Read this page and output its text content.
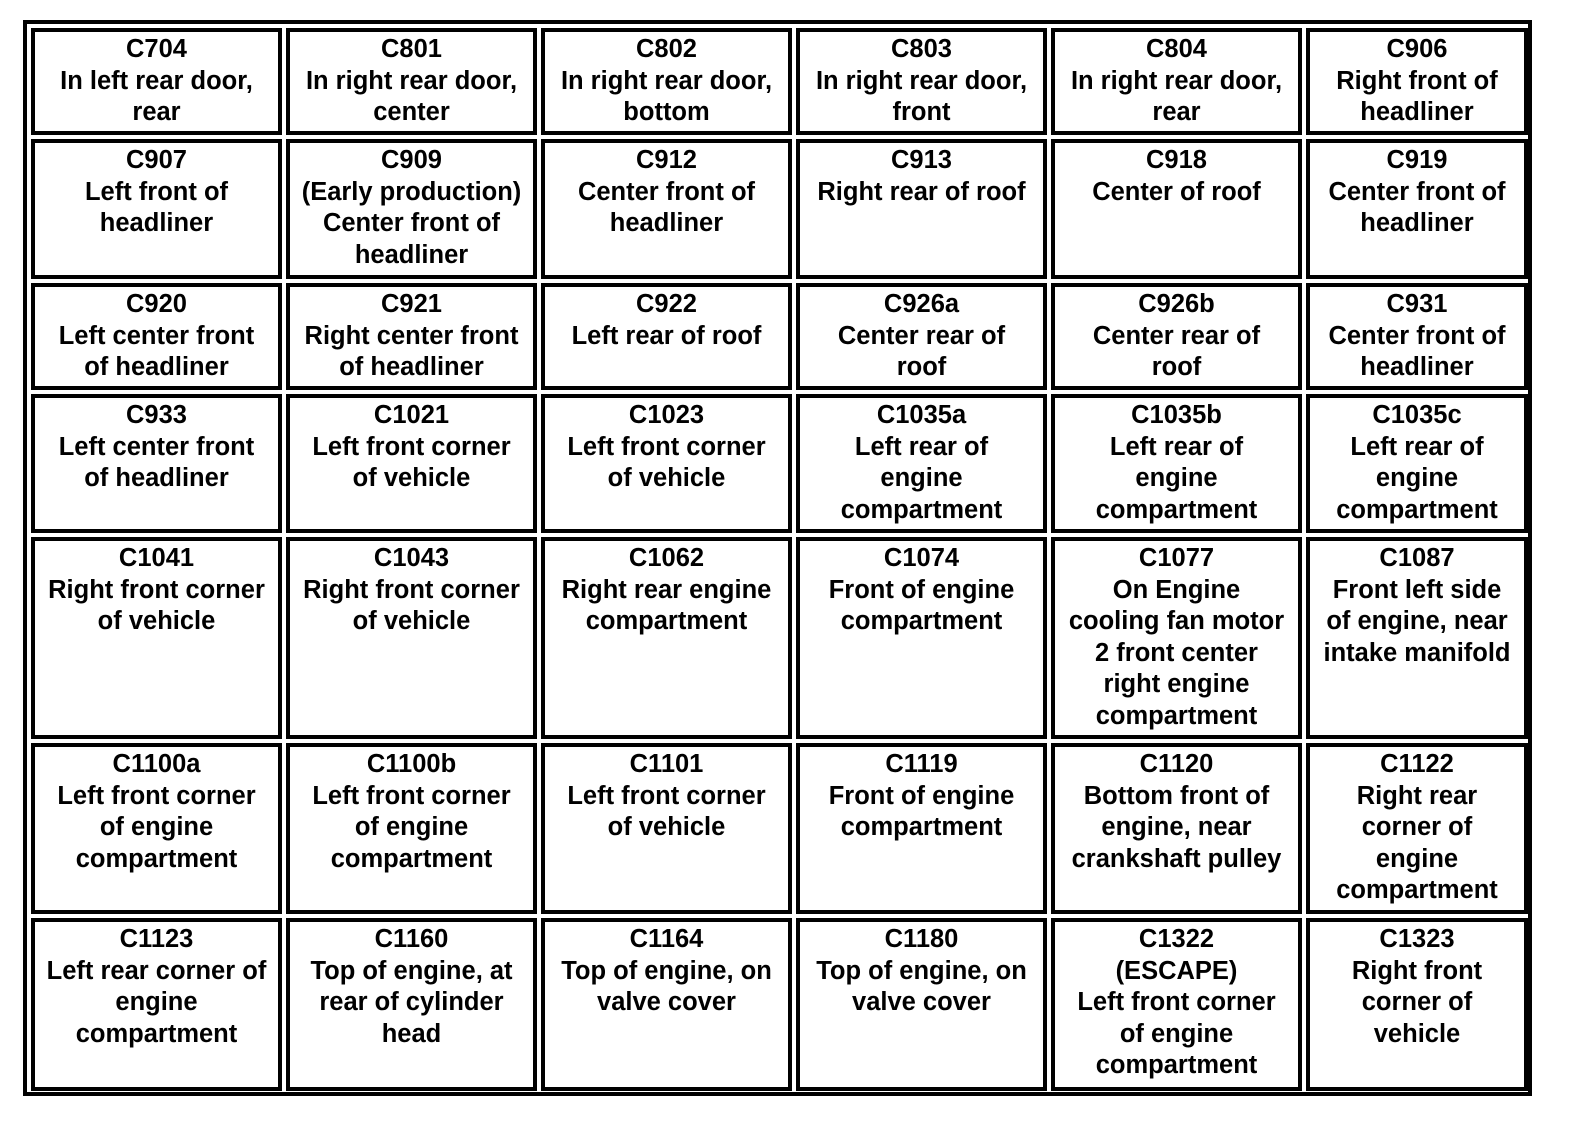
C704
In left rear door,
rear
C801
In right rear door,
center
C802
In right rear door,
bottom
C803
In right rear door,
front
C804
In right rear door,
rear
C906
Right front of
headliner
C907
Left front of
headliner
C909
(Early production)
Center front of
headliner
C912
Center front of
headliner
C913
Right rear of roof
C918
Center of roof
C919
Center front of
headliner
C920
Left center front
of headliner
C921
Right center front
of headliner
C922
Left rear of roof
C926a
Center rear of
roof
C926b
Center rear of
roof
C931
Center front of
headliner
C933
Left center front
of headliner
C1021
Left front corner
of vehicle
C1023
Left front corner
of vehicle
C1035a
Left rear of
engine
compartment
C1035b
Left rear of
engine
compartment
C1035c
Left rear of
engine
compartment
C1041
Right front corner
of vehicle
C1043
Right front corner
of vehicle
C1062
Right rear engine
compartment
C1074
Front of engine
compartment
C1077
On Engine
cooling fan motor
2 front center
right engine
compartment
C1087
Front left side
of engine, near
intake manifold
C1100a
Left front corner
of engine
compartment
C1100b
Left front corner
of engine
compartment
C1101
Left front corner
of vehicle
C1119
Front of engine
compartment
C1120
Bottom front of
engine, near
crankshaft pulley
C1122
Right rear
corner of
engine
compartment
C1123
Left rear corner of
engine
compartment
C1160
Top of engine, at
rear of cylinder
head
C1164
Top of engine, on
valve cover
C1180
Top of engine, on
valve cover
C1322
(ESCAPE)
Left front corner
of engine
compartment
C1323
Right front
corner of
vehicle
